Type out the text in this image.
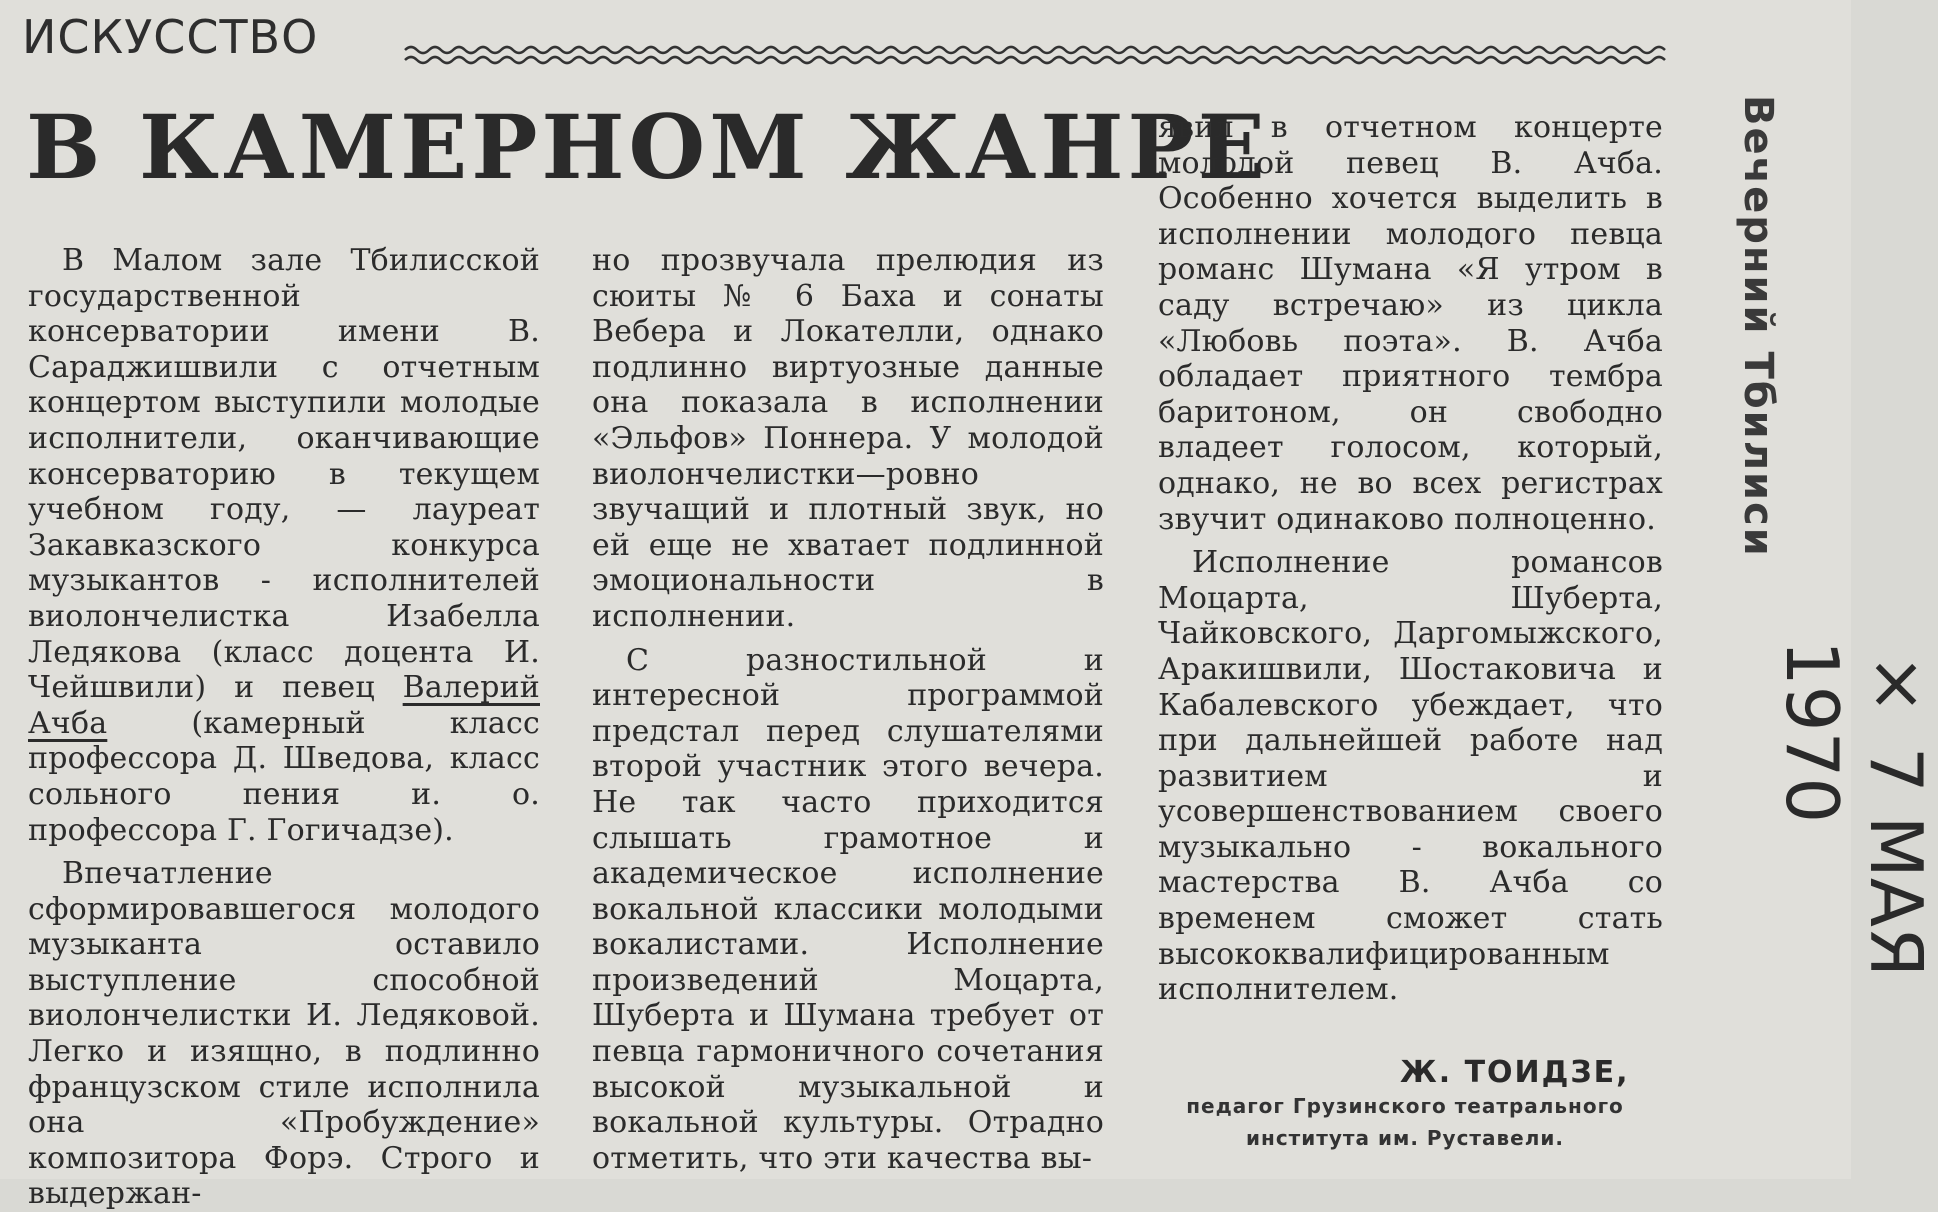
ИСКУССТВО
В КАМЕРНОМ ЖАНРЕ

В Малом зале Тбилисской государственной консерватории имени В. Сараджишвили с отчетным концертом выступили молодые исполнители, оканчивающие консерваторию в текущем учебном году, — лауреат Закавказского конкурса музыкантов - исполнителей виолончелистка Изабелла Ледякова (класс доцента И. Чейшвили) и певец Валерий Ачба	(камерный класс профессора Д. Шведова, класс сольного пения и. о. профессора Г. Гогичадзе).

Впечатление сформировавшегося молодого музыканта оставило выступление способной виолончелистки И. Ледяковой. Легко и изящно, в подлинно французском стиле исполнила она «Пробуждение» композитора Форэ. Строго и выдержан-

но прозвучала прелюдия из сюиты № 6 Баха и сонаты Вебера и Локателли, однако подлинно виртуозные данные она показала в исполнении «Эльфов» Поннера. У молодой виолончелистки—ровно звучащий и плотный звук, но ей еще не хватает подлинной эмоциональности в исполнении.

С разностильной и интересной программой предстал перед слушателями второй участник этого вечера. Не так часто приходится слышать грамотное и академическое исполнение вокальной классики молодыми вокалистами. Исполнение произведений Моцарта, Шуберта и Шумана требует от певца гармоничного сочетания высокой музыкальной и вокальной культуры. Отрадно отметить, что эти качества вы-

явил в отчетном концерте молодой певец В. Ачба. Особенно хочется выделить в исполнении молодого певца романс Шумана «Я утром в саду встречаю» из цикла «Любовь поэта». В. Ачба обладает приятного тембра баритоном, он свободно владеет голосом, который, однако, не во всех регистрах звучит одинаково полноценно.

Исполнение романсов Моцарта, Шуберта, Чайковского, Даргомыжского, Аракишвили, Шостаковича и Кабалевского убеждает, что при дальнейшей работе над развитием и усовершенствованием своего музыкально - вокального мастерства В. Ачба со временем сможет стать высококвалифицированным исполнителем.

Ж. ТОИДЗЕ,
педагог Грузинского театрального института им. Руставели.
Вечерний Тбилиси
× 7 МАЯ 1970
